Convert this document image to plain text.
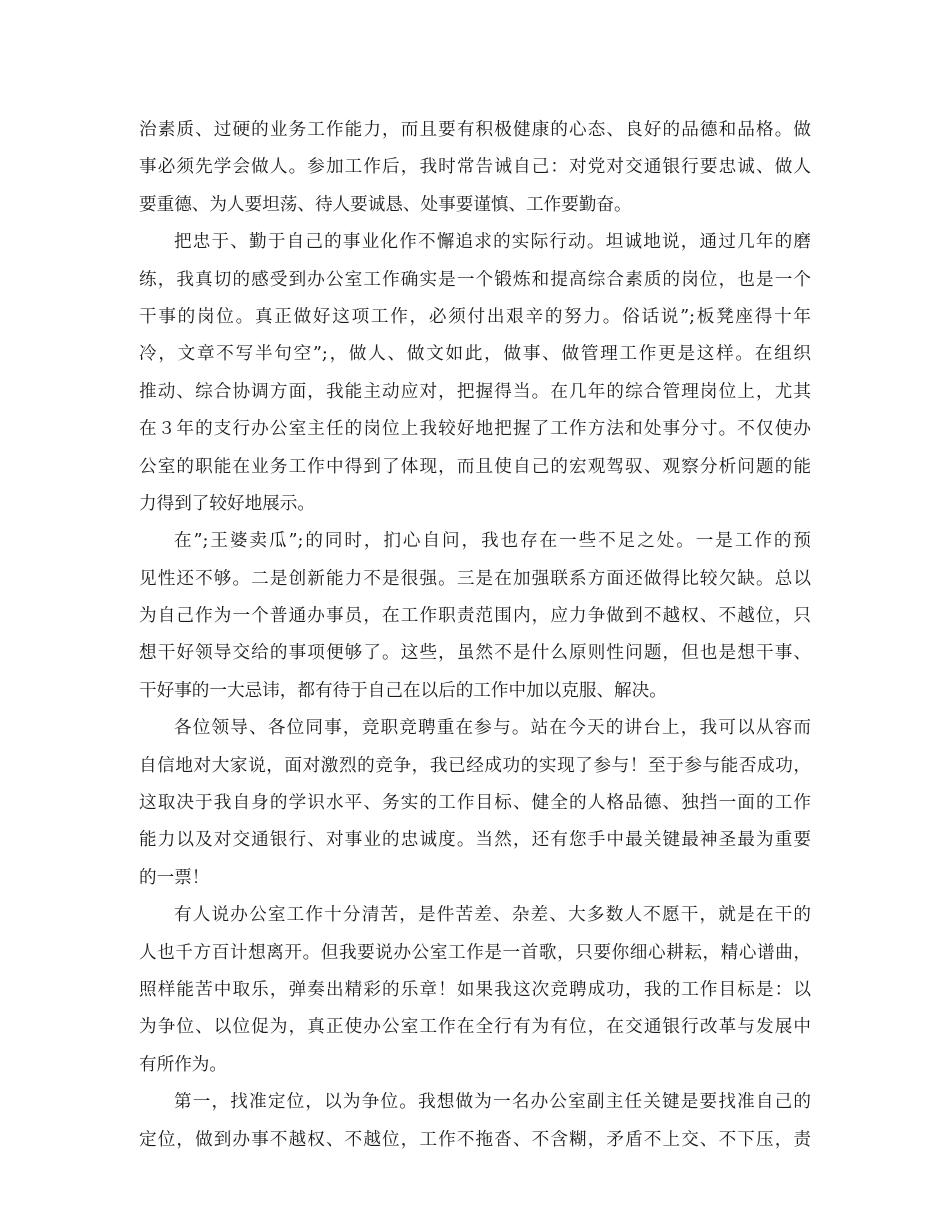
治素质、过硬的业务工作能力，而且要有积极健康的心态、良好的品德和品格。做
事必须先学会做人。参加工作后，我时常告诫自己：对党对交通银行要忠诚、做人
要重德、为人要坦荡、待人要诚恳、处事要谨慎、工作要勤奋。
把忠于、勤于自己的事业化作不懈追求的实际行动。坦诚地说，通过几年的磨
练，我真切的感受到办公室工作确实是一个锻炼和提高综合素质的岗位，也是一个
干事的岗位。真正做好这项工作，必须付出艰辛的努力。俗话说”;板凳座得十年
冷，文章不写半句空”;，做人、做文如此，做事、做管理工作更是这样。在组织
推动、综合协调方面，我能主动应对，把握得当。在几年的综合管理岗位上，尤其
在３年的支行办公室主任的岗位上我较好地把握了工作方法和处事分寸。不仅使办
公室的职能在业务工作中得到了体现，而且使自己的宏观驾驭、观察分析问题的能
力得到了较好地展示。
在”;王婆卖瓜”;的同时，扪心自问，我也存在一些不足之处。一是工作的预
见性还不够。二是创新能力不是很强。三是在加强联系方面还做得比较欠缺。总以
为自己作为一个普通办事员，在工作职责范围内，应力争做到不越权、不越位，只
想干好领导交给的事项便够了。这些，虽然不是什么原则性问题，但也是想干事、
干好事的一大忌讳，都有待于自己在以后的工作中加以克服、解决。
各位领导、各位同事，竞职竞聘重在参与。站在今天的讲台上，我可以从容而
自信地对大家说，面对激烈的竞争，我已经成功的实现了参与！至于参与能否成功，
这取决于我自身的学识水平、务实的工作目标、健全的人格品德、独挡一面的工作
能力以及对交通银行、对事业的忠诚度。当然，还有您手中最关键最神圣最为重要
的一票！
有人说办公室工作十分清苦，是件苦差、杂差、大多数人不愿干，就是在干的
人也千方百计想离开。但我要说办公室工作是一首歌，只要你细心耕耘，精心谱曲，
照样能苦中取乐，弹奏出精彩的乐章！如果我这次竞聘成功，我的工作目标是：以
为争位、以位促为，真正使办公室工作在全行有为有位，在交通银行改革与发展中
有所作为。
第一，找准定位，以为争位。我想做为一名办公室副主任关键是要找准自己的
定位，做到办事不越权、不越位，工作不拖沓、不含糊，矛盾不上交、不下压，责
